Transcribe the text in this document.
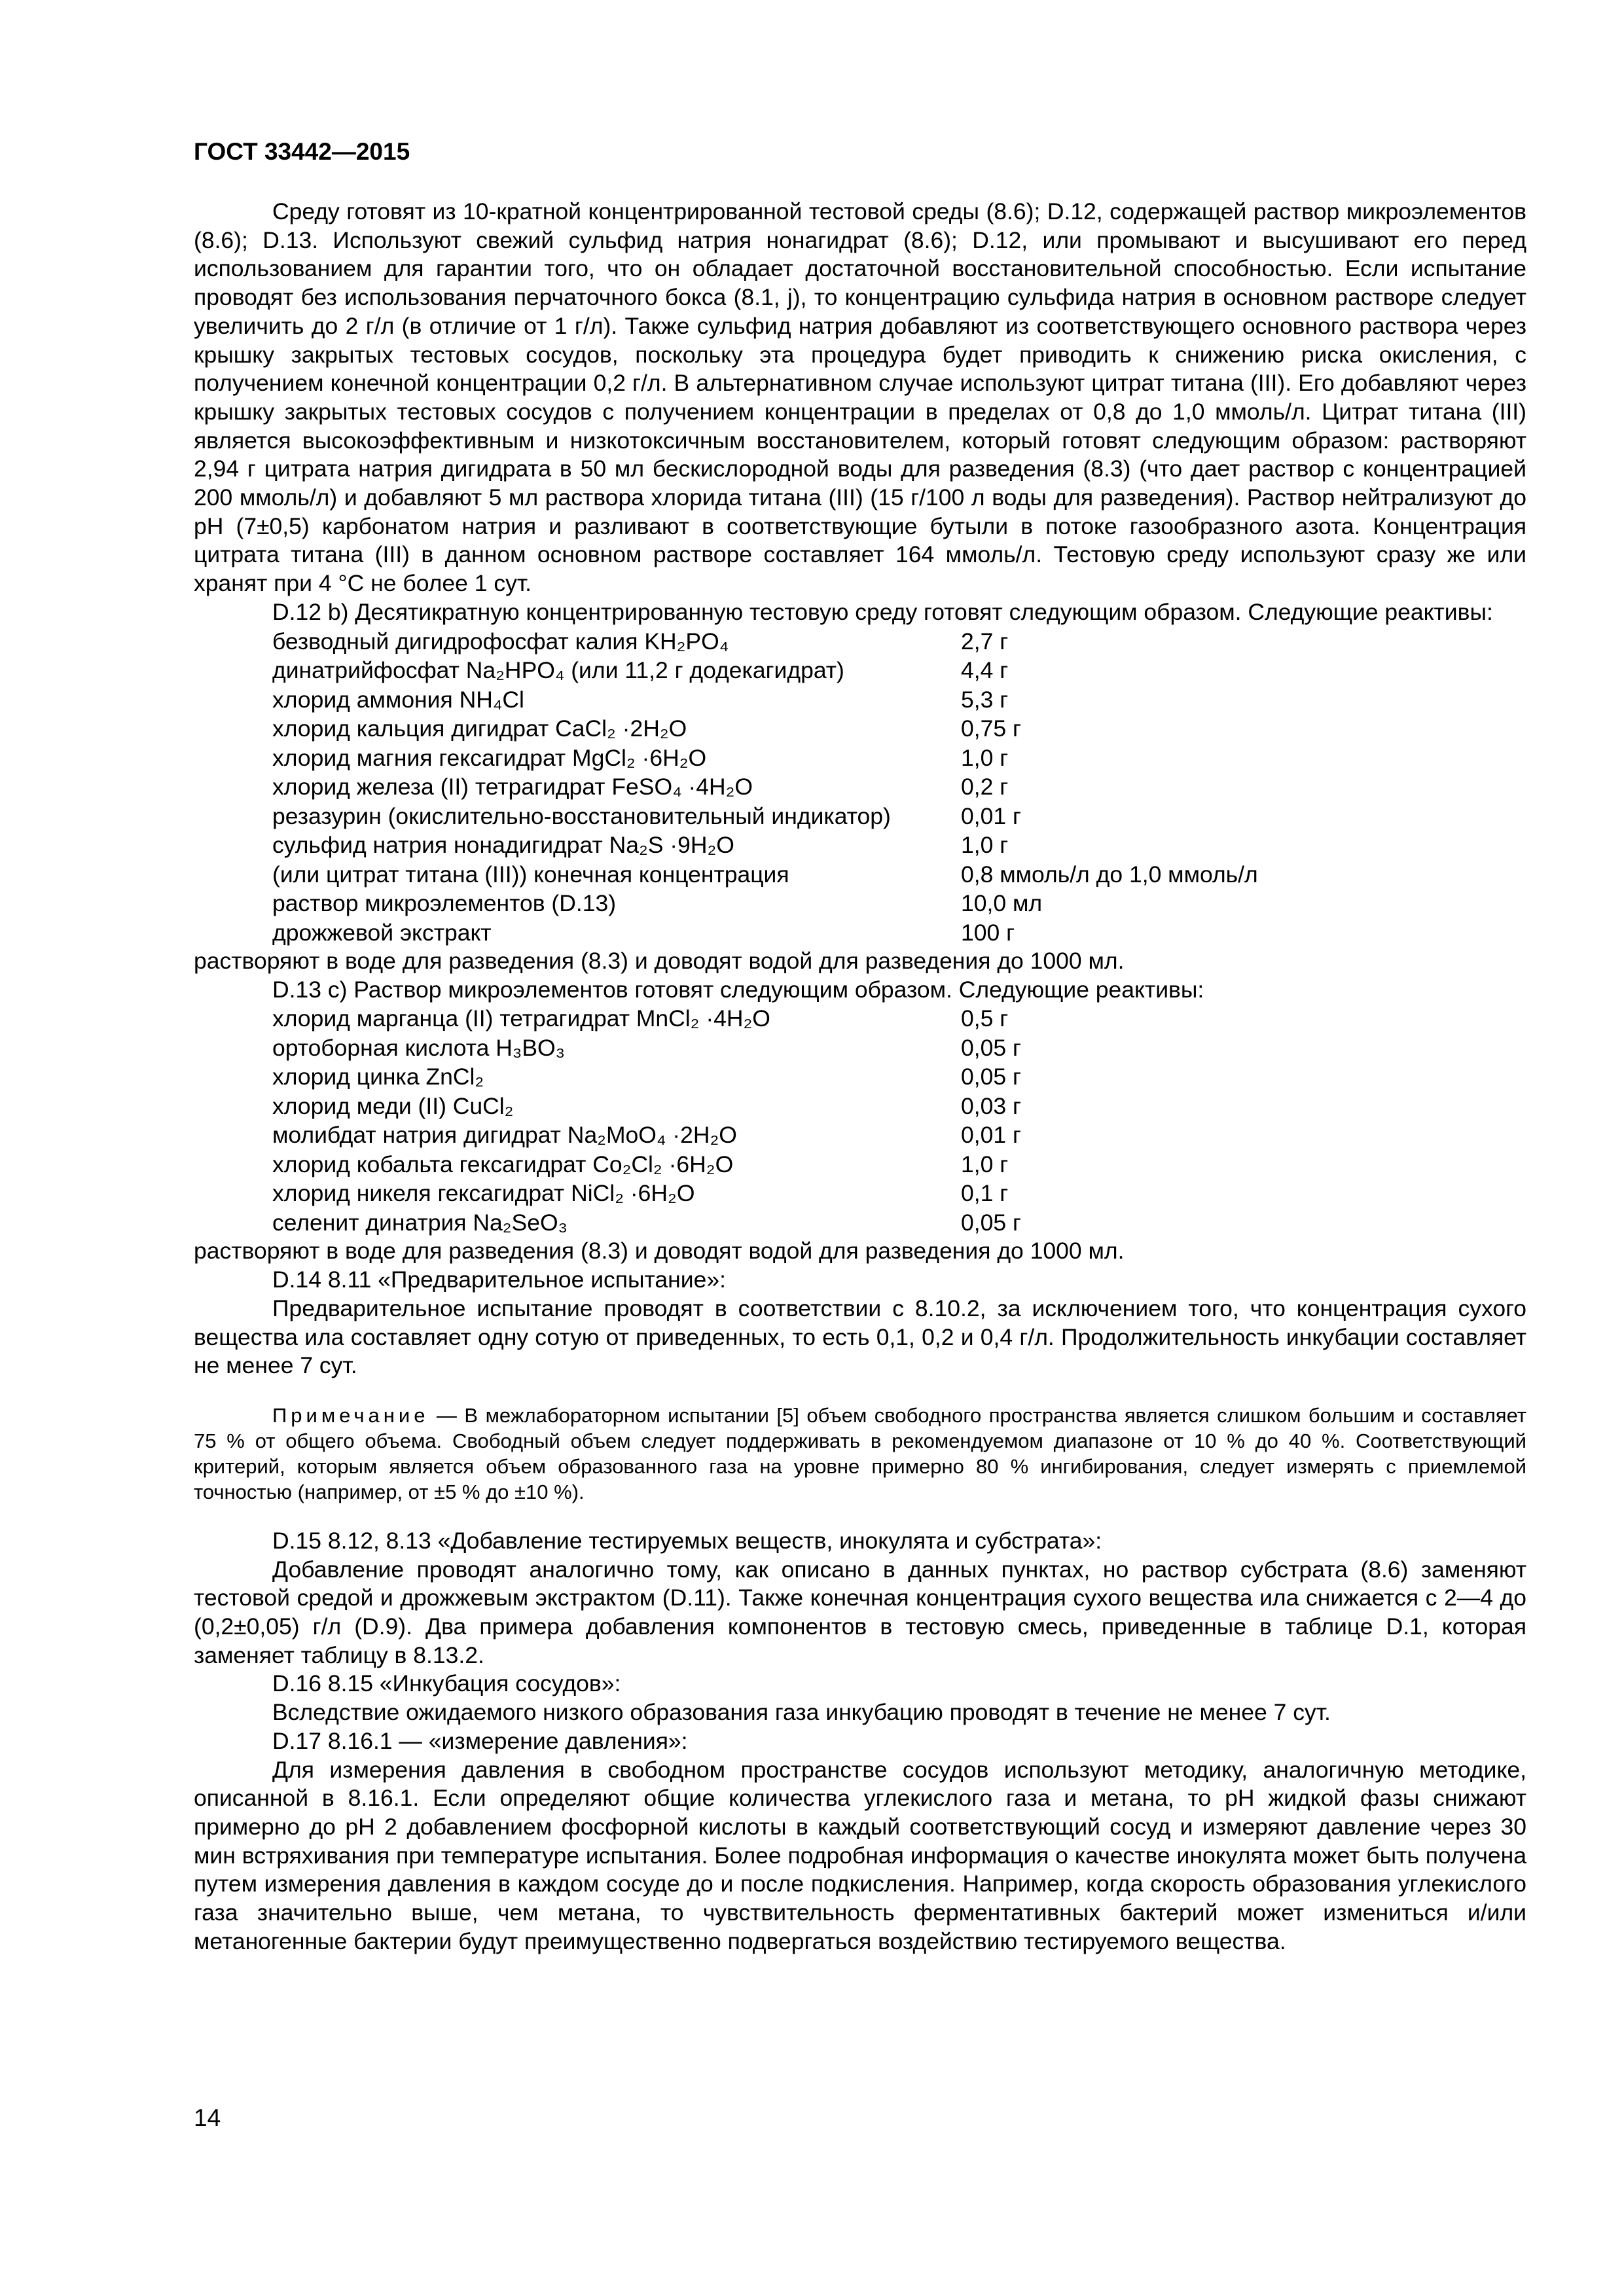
ГОСТ 33442—2015

Среду готовят из 10-кратной концентрированной тестовой среды (8.6); D.12, содержащей раствор микроэлементов (8.6); D.13. Используют свежий сульфид натрия нонагидрат (8.6); D.12, или промывают и высушивают его перед использованием для гарантии того, что он обладает достаточной восстановительной способностью. Если испытание проводят без использования перчаточного бокса (8.1, j), то концентрацию сульфида натрия в основном растворе следует увеличить до 2 г/л (в отличие от 1 г/л). Также сульфид натрия добавляют из соответствующего основного раствора через крышку закрытых тестовых сосудов, поскольку эта процедура будет приводить к снижению риска окисления, с получением конечной концентрации 0,2 г/л. В альтернативном случае используют цитрат титана (III). Его добавляют через крышку закрытых тестовых сосудов с получением концентрации в пределах от 0,8 до 1,0 ммоль/л. Цитрат титана (III) является высокоэффективным и низкотоксичным восстановителем, который готовят следующим образом: растворяют 2,94 г цитрата натрия дигидрата в 50 мл бескислородной воды для разведения (8.3) (что дает раствор с концентрацией 200 ммоль/л) и добавляют 5 мл раствора хлорида титана (III) (15 г/100 л воды для разведения). Раствор нейтрализуют до pH (7±0,5) карбонатом натрия и разливают в соответствующие бутыли в потоке газообразного азота. Концентрация цитрата титана (III) в данном основном растворе составляет 164 ммоль/л. Тестовую среду используют сразу же или хранят при 4 °C не более 1 сут.

D.12 b) Десятикратную концентрированную тестовую среду готовят следующим образом. Следующие реактивы:

безводный дигидрофосфат калия KH₂PO₄	2,7 г
динатрийфосфат Na₂HPO₄ (или 11,2 г додекагидрат)	4,4 г
хлорид аммония NH₄Cl	5,3 г
хлорид кальция дигидрат CaCl₂ ·2H₂O	0,75 г
хлорид магния гексагидрат MgCl₂ ·6H₂O	1,0 г
хлорид железа (II) тетрагидрат FeSO₄ ·4H₂O	0,2 г
резазурин (окислительно-восстановительный индикатор)	0,01 г
сульфид натрия нонадигидрат Na₂S ·9H₂O	1,0 г
(или цитрат титана (III)) конечная концентрация	0,8 ммоль/л до 1,0 ммоль/л
раствор микроэлементов (D.13)	10,0 мл
дрожжевой экстракт	100 г

растворяют в воде для разведения (8.3) и доводят водой для разведения до 1000 мл.

D.13 c) Раствор микроэлементов готовят следующим образом. Следующие реактивы:

хлорид марганца (II) тетрагидрат MnCl₂ ·4H₂O	0,5 г
ортоборная кислота H₃BO₃	0,05 г
хлорид цинка ZnCl₂	0,05 г
хлорид меди (II) CuCl₂	0,03 г
молибдат натрия дигидрат Na₂MoO₄ ·2H₂O	0,01 г
хлорид кобальта гексагидрат Co₂Cl₂ ·6H₂O	1,0 г
хлорид никеля гексагидрат NiCl₂ ·6H₂O	0,1 г
селенит динатрия Na₂SeO₃	0,05 г

растворяют в воде для разведения (8.3) и доводят водой для разведения до 1000 мл.

D.14 8.11 «Предварительное испытание»:

Предварительное испытание проводят в соответствии с 8.10.2, за исключением того, что концентрация сухого вещества ила составляет одну сотую от приведенных, то есть 0,1, 0,2 и 0,4 г/л. Продолжительность инкубации составляет не менее 7 сут.

Примечание — В межлабораторном испытании [5] объем свободного пространства является слишком большим и составляет 75 % от общего объема. Свободный объем следует поддерживать в рекомендуемом диапазоне от 10 % до 40 %. Соответствующий критерий, которым является объем образованного газа на уровне примерно 80 % ингибирования, следует измерять с приемлемой точностью (например, от ±5 % до ±10 %).

D.15 8.12, 8.13 «Добавление тестируемых веществ, инокулята и субстрата»:

Добавление проводят аналогично тому, как описано в данных пунктах, но раствор субстрата (8.6) заменяют тестовой средой и дрожжевым экстрактом (D.11). Также конечная концентрация сухого вещества ила снижается с 2—4 до (0,2±0,05) г/л (D.9). Два примера добавления компонентов в тестовую смесь, приведенные в таблице D.1, которая заменяет таблицу в 8.13.2.

D.16 8.15 «Инкубация сосудов»:

Вследствие ожидаемого низкого образования газа инкубацию проводят в течение не менее 7 сут.

D.17 8.16.1 — «измерение давления»:

Для измерения давления в свободном пространстве сосудов используют методику, аналогичную методике, описанной в 8.16.1. Если определяют общие количества углекислого газа и метана, то pH жидкой фазы снижают примерно до pH 2 добавлением фосфорной кислоты в каждый соответствующий сосуд и измеряют давление через 30 мин встряхивания при температуре испытания. Более подробная информация о качестве инокулята может быть получена путем измерения давления в каждом сосуде до и после подкисления. Например, когда скорость образования углекислого газа значительно выше, чем метана, то чувствительность ферментативных бактерий может измениться и/или метаногенные бактерии будут преимущественно подвергаться воздействию тестируемого вещества.

14
